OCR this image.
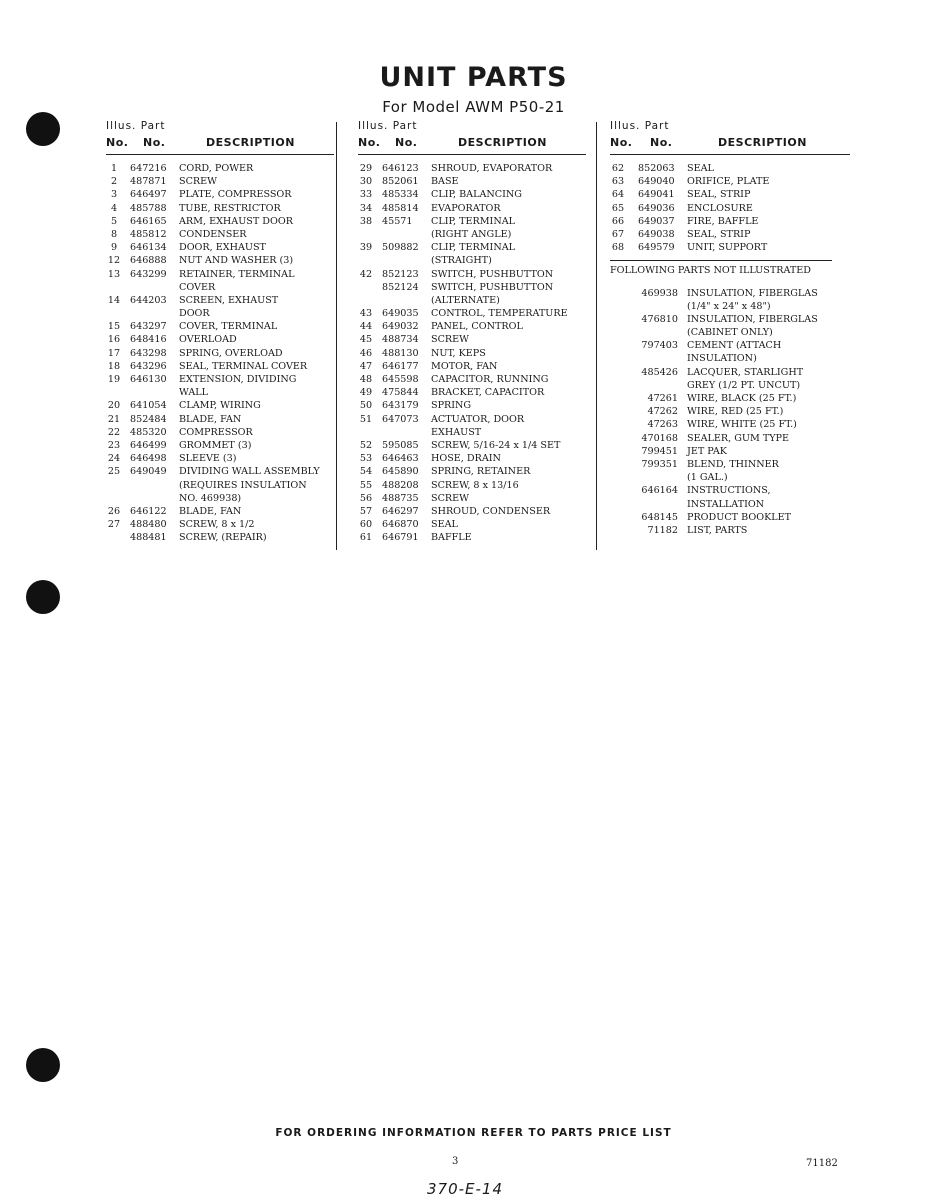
UNIT PARTS
For Model AWM P50-21
Illus. Part
No. No.	DESCRIPTION
1	647216 CORD, POWER
2	487871 SCREW
3	646497 PLATE, COMPRESSOR
4	485788 TUBE, RESTRICTOR
5	646165 ARM, EXHAUST DOOR
8	485812 CONDENSER
9	646134 DOOR, EXHAUST
12 646888 NUT AND WASHER (3)
13 643299 RETAINER, TERMINAL
COVER
14 644203 SCREEN, EXHAUST
DOOR
15 643297 COVER, TERMINAL
16 648416 OVERLOAD
17 643298 SPRING, OVERLOAD
18 643296 SEAL, TERMINAL COVER
19 646130 EXTENSION, DIVIDING
WALL
20 641054 CLAMP, WIRING
21 852484 BLADE, FAN
22 485320 COMPRESSOR
23 646499 GROMMET (3)
24 646498 SLEEVE (3)
25 649049 DIVIDING WALL ASSEMBLY
(REQUIRES INSULATION
NO. 469938)
26 646122 BLADE, FAN
27 488480 SCREW, 8 x 1/2
488481 SCREW, (REPAIR)
Illus. Part
No. No.	DESCRIPTION
29 646123 SHROUD, EVAPORATOR
30 852061 BASE
33 485334 CLIP, BALANCING
34 485814 EVAPORATOR
38 45571 CLIP, TERMINAL
(RIGHT ANGLE)
39 509882 CLIP, TERMINAL
(STRAIGHT)
42 852123 SWITCH, PUSHBUTTON
852124 SWITCH, PUSHBUTTON
(ALTERNATE)
43 649035 CONTROL, TEMPERATURE
44 649032 PANEL, CONTROL
45 488734 SCREW
46 488130 NUT, KEPS
47 646177 MOTOR, FAN
48 645598 CAPACITOR, RUNNING
49 475844 BRACKET, CAPACITOR
50 643179 SPRING
51 647073 ACTUATOR, DOOR
EXHAUST
52 595085 SCREW, 5/16-24 x 1/4 SET
53 646463 HOSE, DRAIN
54 645890 SPRING, RETAINER
55 488208 SCREW, 8 x 13/16
56 488735 SCREW
57 646297 SHROUD, CONDENSER
60 646870 SEAL
61 646791 BAFFLE
Illus. Part
No. No.	DESCRIPTION
62 852063 SEAL
63 649040 ORIFICE, PLATE
64 649041 SEAL, STRIP
65 649036 ENCLOSURE
66 649037 FIRE, BAFFLE
67 649038 SEAL, STRIP
68 649579 UNIT, SUPPORT
FOLLOWING PARTS NOT ILLUSTRATED
469938 INSULATION, FIBERGLAS
(1/4" x 24" x 48")
476810 INSULATION, FIBERGLAS
(CABINET ONLY)
797403 CEMENT (ATTACH
INSULATION)
485426 LACQUER, STARLIGHT
GREY (1/2 PT. UNCUT)
47261 WIRE, BLACK (25 FT.)
47262 WIRE, RED (25 FT.)
47263 WIRE, WHITE (25 FT.)
470168 SEALER, GUM TYPE
799451 JET PAK
799351 BLEND, THINNER
(1 GAL.)
646164 INSTRUCTIONS,
INSTALLATION
648145 PRODUCT BOOKLET
71182 LIST, PARTS
FOR ORDERING INFORMATION REFER TO PARTS PRICE LIST
3	71182
370-E-14
